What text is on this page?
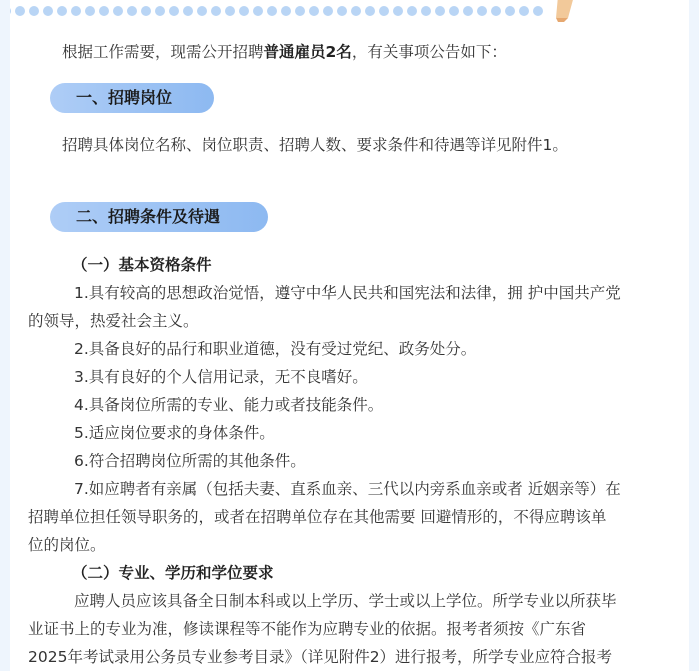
根据工作需要，现需公开招聘普通雇员2名，有关事项公告如下：
一、招聘岗位
招聘具体岗位名称、岗位职责、招聘人数、要求条件和待遇等详见附件1。
二、招聘条件及待遇
（一）基本资格条件
1.具有较高的思想政治觉悟，遵守中华人民共和国宪法和法律，拥 护中国共产党
的领导，热爱社会主义。
2.具备良好的品行和职业道德，没有受过党纪、政务处分。
3.具有良好的个人信用记录，无不良嗜好。
4.具备岗位所需的专业、能力或者技能条件。
5.适应岗位要求的身体条件。
6.符合招聘岗位所需的其他条件。
7.如应聘者有亲属（包括夫妻、直系血亲、三代以内旁系血亲或者 近姻亲等）在
招聘单位担任领导职务的，或者在招聘单位存在其他需要 回避情形的，不得应聘该单
位的岗位。
（二）专业、学历和学位要求
应聘人员应该具备全日制本科或以上学历、学士或以上学位。所学专业以所获毕
业证书上的专业为准，修读课程等不能作为应聘专业的依据。报考者须按《广东省
2025年考试录用公务员专业参考目录》（详见附件2）进行报考，所学专业应符合报考
